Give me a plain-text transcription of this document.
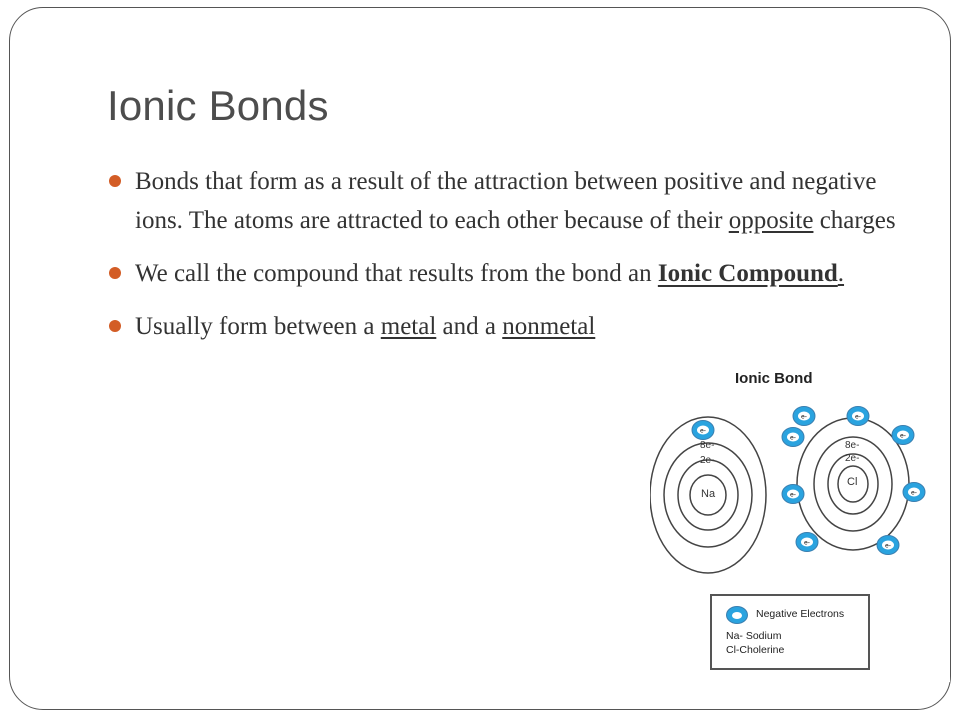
Ionic Bonds
Bonds that form as a result of the attraction between positive and negative ions. The atoms are attracted to each other because of their opposite charges
We call the compound that results from the bond an Ionic Compound.
Usually form between a metal and a nonmetal
e-
e-	e-
e-
e-
e-	e-
e-	e-
Ionic Bond
Na
8e-
2e-
Cl
8e-
2e-
Negative Electrons
Na- Sodium
Cl-Cholerine
